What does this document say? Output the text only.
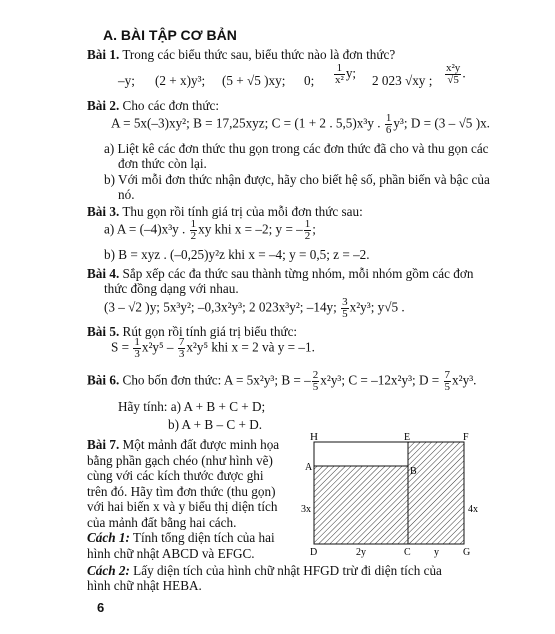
A. BÀI TẬP CƠ BẢN
Bài 1. Trong các biểu thức sau, biểu thức nào là đơn thức?
–y; (2 + x)y³; (5 + √5 )xy; 0; $\frac{1}{\text{x²}} y$; 2 023 √xy ; $\frac{\text{x²y}}{√5}$ .
Bài 2. Cho các đơn thức:
A = 5x(–3)xy²; B = 17,25xyz; C = (1 + 2 . 5,5)x³y . $\frac{1}{6} y^3$; D = (3 – √5 )x.
a) Liệt kê các đơn thức thu gọn trong các đơn thức đã cho và thu gọn các
đơn thức còn lại.
b) Với mỗi đơn thức nhận được, hãy cho biết hệ số, phần biến và bậc của
nó.
Bài 3. Thu gọn rồi tính giá trị của mỗi đơn thức sau:
a) A = (–4)x³y . $\frac{1}{2}$ xy khi x = –2; y = – $\frac{1}{2}$ ;
b) B = xyz . (–0,25)y²z khi x = –4; y = 0,5; z = –2.
Bài 4. Sắp xếp các đa thức sau thành từng nhóm, mỗi nhóm gồm các đơn
thức đồng dạng với nhau.
(3 – √2 )y; 5x³y²; –0,3x²y³; 2 023x³y²; –14y; $\frac{3}{5} x^2y^3$; y√5 .
Bài 5. Rút gọn rồi tính giá trị biểu thức:
$S = \frac{1}{3} x^2y^5 - \frac{7}{3} x^2y^5$ khi x = 2 và y = –1.
Bài 6. Cho bốn đơn thức: A = 5x²y³; B = – $\frac{2}{5} x^2y^3$; C = –12x²y³; $D = \frac{7}{5} x^2y^3$.
Hãy tính: a) A + B + C + D;
b) A + B – C + D.
Bài 7. Một mảnh đất được minh họa
bằng phần gạch chéo (như hình vẽ)
cùng với các kích thước được ghi
trên đó. Hãy tìm đơn thức (thu gọn)
với hai biến x và y biểu thị diện tích
của mảnh đất bằng hai cách.
Cách 1: Tính tổng diện tích của hai
hình chữ nhật ABCD và EFGC.
Cách 2: Lấy diện tích của hình chữ nhật HFGD trừ đi diện tích của
hình chữ nhật HEBA.
H	E	F
A	B
D	C	G
3x	4x
2y	y
6
